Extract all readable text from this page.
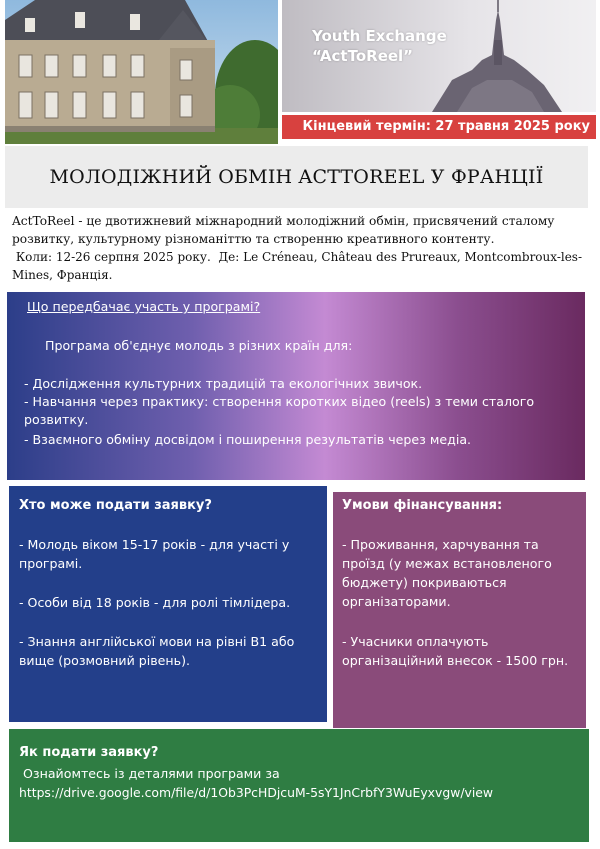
Youth Exchange
“ActToReel”
Кінцевий термін: 27 травня 2025 року
МОЛОДІЖНИЙ ОБМІН ACTTOREEL У ФРАНЦІЇ
ActToReel - це двотижневий міжнародний молодіжний обмін, присвячений сталому розвитку, культурному різноманіттю та створенню креативного контенту.
Коли: 12-26 серпня 2025 року. Де: Le Créneau, Château des Prureaux, Montcombroux-les-
Mines, Франція.
Що передбачає участь у програмі?
Програма об'єднує молодь з різних країн для:
- Дослідження культурних традицій та екологічних звичок.
- Навчання через практику: створення коротких відео (reels) з теми сталого розвитку.
- Взаємного обміну досвідом і поширення результатів через медіа.
Хто може подати заявку?
- Молодь віком 15-17 років - для участі у програмі.
- Особи від 18 років - для ролі тімлідера.
- Знання англійської мови на рівні B1 або вище (розмовний рівень).
Умови фінансування:
- Проживання, харчування та проїзд (у межах встановленого бюджету) покриваються організаторами.
- Учасники оплачують організаційний внесок - 1500 грн.
Як подати заявку?
Ознайомтесь із деталями програми за
https://drive.google.com/file/d/1Ob3PcHDjcuM-5sY1JnCrbfY3WuEyxvgw/view
